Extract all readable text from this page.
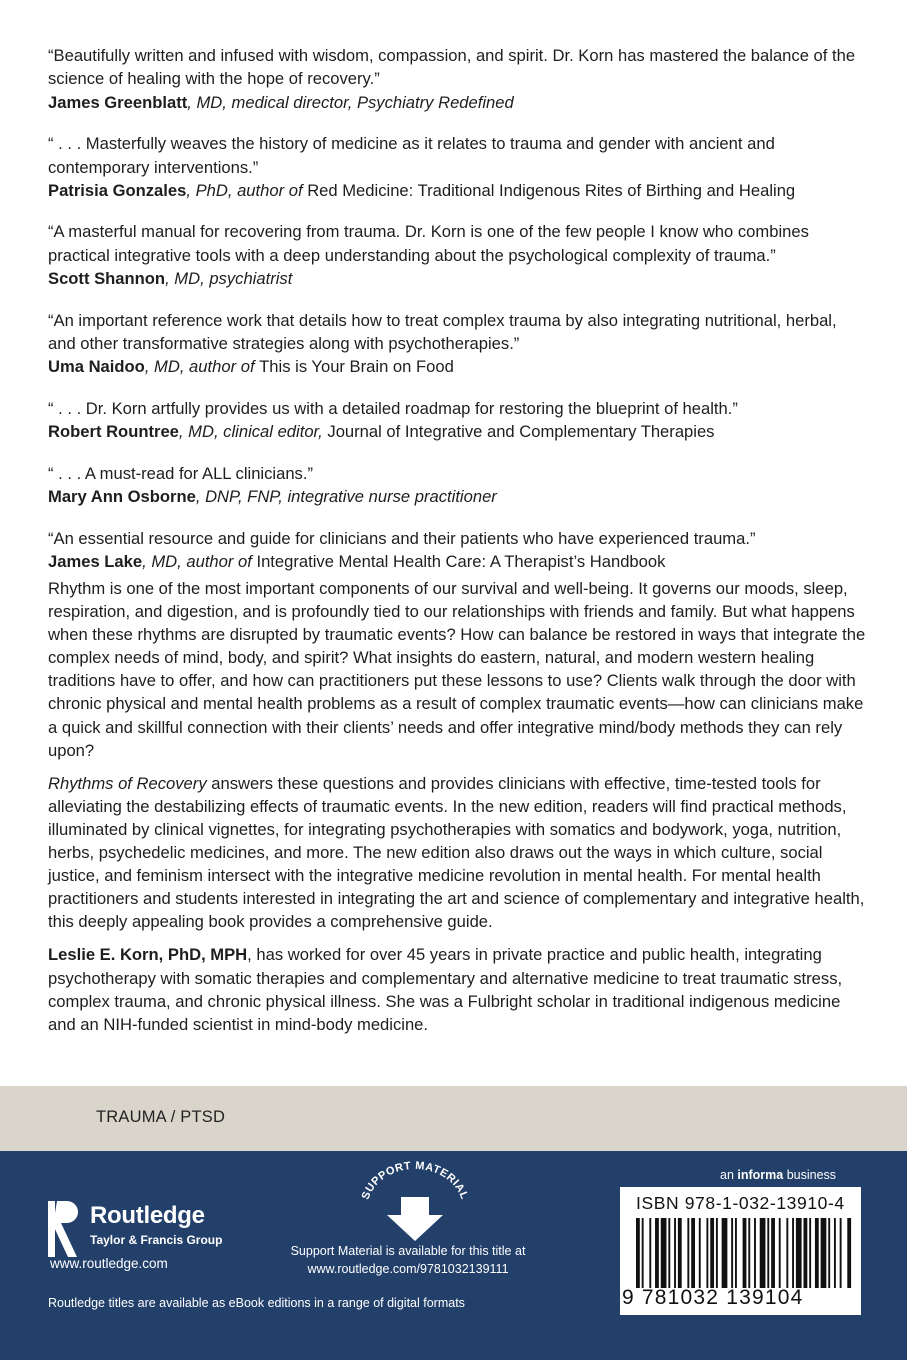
“Beautifully written and infused with wisdom, compassion, and spirit. Dr. Korn has mastered the balance of the science of healing with the hope of recovery.”

James Greenblatt, MD, medical director, Psychiatry Redefined

“ . . . Masterfully weaves the history of medicine as it relates to trauma and gender with ancient and contemporary interventions.”

Patrisia Gonzales, PhD, author of Red Medicine: Traditional Indigenous Rites of Birthing and Healing

“A masterful manual for recovering from trauma. Dr. Korn is one of the few people I know who combines practical integrative tools with a deep understanding about the psychological complexity of trauma.”

Scott Shannon, MD, psychiatrist

“An important reference work that details how to treat complex trauma by also integrating nutritional, herbal, and other transformative strategies along with psychotherapies.”

Uma Naidoo, MD, author of This is Your Brain on Food

“ . . . Dr. Korn artfully provides us with a detailed roadmap for restoring the blueprint of health.”

Robert Rountree, MD, clinical editor, Journal of Integrative and Complementary Therapies

“ . . . A must-read for ALL clinicians.”

Mary Ann Osborne, DNP, FNP, integrative nurse practitioner

“An essential resource and guide for clinicians and their patients who have experienced trauma.”

James Lake, MD, author of Integrative Mental Health Care: A Therapist’s Handbook

Rhythm is one of the most important components of our survival and well-being. It governs our moods, sleep, respiration, and digestion, and is profoundly tied to our relationships with friends and family. But what happens when these rhythms are disrupted by traumatic events? How can balance be restored in ways that integrate the complex needs of mind, body, and spirit? What insights do eastern, natural, and modern western healing traditions have to offer, and how can practitioners put these lessons to use? Clients walk through the door with chronic physical and mental health problems as a result of complex traumatic events—how can clinicians make a quick and skillful connection with their clients’ needs and offer integrative mind/body methods they can rely upon?

Rhythms of Recovery answers these questions and provides clinicians with effective, time-tested tools for alleviating the destabilizing effects of traumatic events. In the new edition, readers will find practical methods, illuminated by clinical vignettes, for integrating psychotherapies with somatics and bodywork, yoga, nutrition, herbs, psychedelic medicines, and more. The new edition also draws out the ways in which culture, social justice, and feminism intersect with the integrative medicine revolution in mental health. For mental health practitioners and students interested in integrating the art and science of complementary and integrative health, this deeply appealing book provides a comprehensive guide.

Leslie E. Korn, PhD, MPH, has worked for over 45 years in private practice and public health, integrating psychotherapy with somatic therapies and complementary and alternative medicine to treat traumatic stress, complex trauma, and chronic physical illness. She was a Fulbright scholar in traditional indigenous medicine and an NIH-funded scientist in mind-body medicine.

TRAUMA / PTSD
Routledge
Taylor & Francis Group
www.routledge.com
Routledge titles are available as eBook editions in a range of digital formats
SUPPORT MATERIAL
Support Material is available for this title at
www.routledge.com/9781032139111
an informa business
ISBN 978-1-032-13910-4
9 781032 139104
